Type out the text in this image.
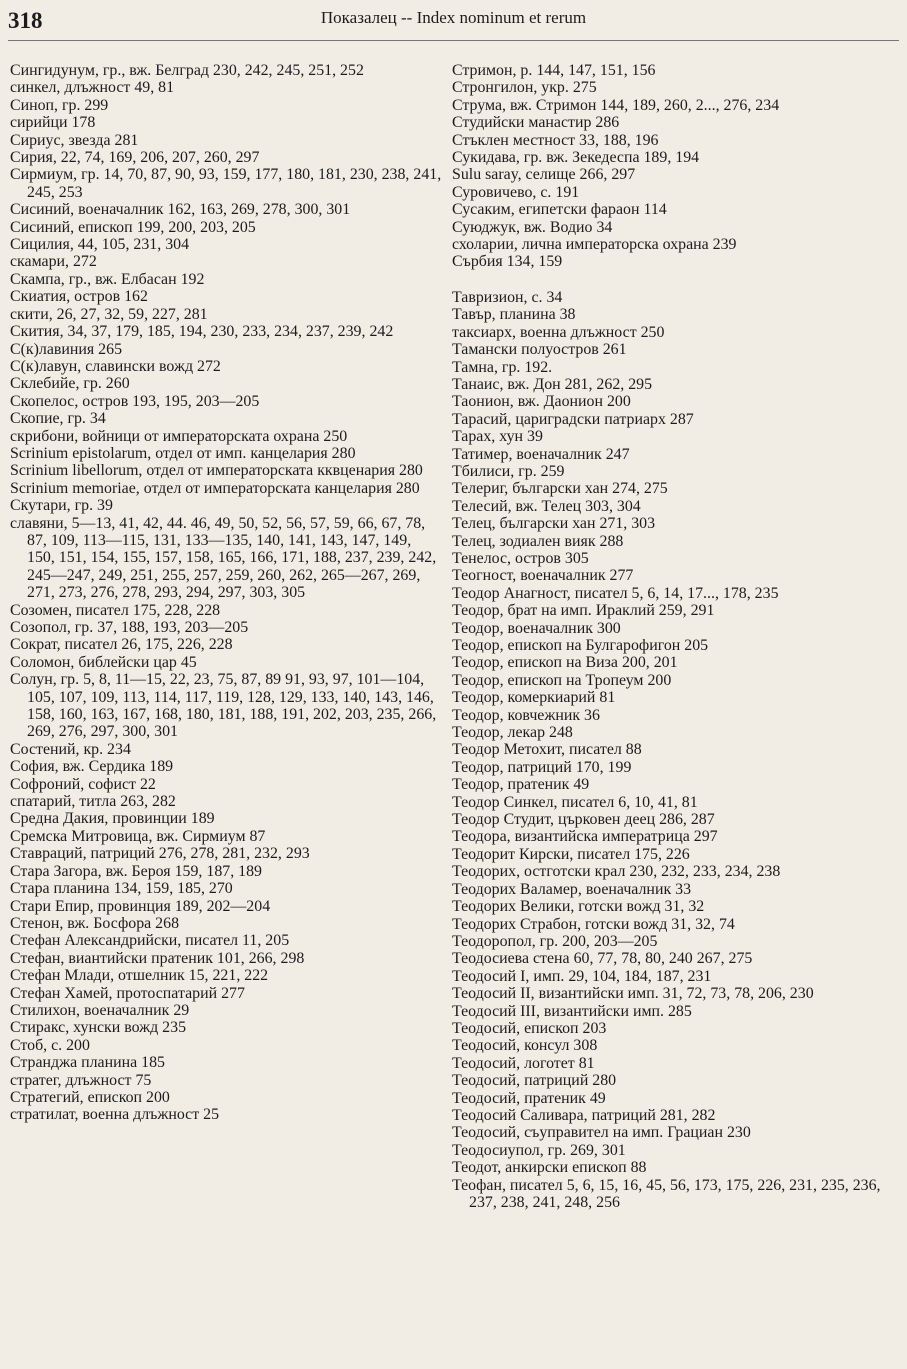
318	Показалец -- Index nominum et rerum
Сингидунум, гр., вж. Белград 230, 242, 245, 251, 252
синкел, длъжност 49, 81
Синоп, гр. 299
сирийци 178
Сириус, звезда 281
Сирия, 22, 74, 169, 206, 207, 260, 297
Сирмиум, гр. 14, 70, 87, 90, 93, 159, 177, 180, 181, 230, 238, 241, 245, 253
Сисиний, военачалник 162, 163, 269, 278, 300, 301
Сисиний, епископ 199, 200, 203, 205
Сицилия, 44, 105, 231, 304
скамари, 272
Скампа, гр., вж. Елбасан 192
Скиатия, остров 162
скити, 26, 27, 32, 59, 227, 281
Скития, 34, 37, 179, 185, 194, 230, 233, 234, 237, 239, 242
С(к)лавиния 265
С(к)лавун, славински вожд 272
Склебийе, гр. 260
Скопелос, остров 193, 195, 203—205
Скопие, гр. 34
скрибони, войници от императорската охрана 250
Scrinium epistolarum, отдел от имп. канцелария 280
Scrinium libellorum, отдел от императорската кквценария 280
Scrinium memoriae, отдел от императорската канцелария 280
Скутари, гр. 39
славяни, 5—13, 41, 42, 44. 46, 49, 50, 52, 56, 57, 59, 66, 67, 78, 87, 109, 113—115, 131, 133—135, 140, 141, 143, 147, 149, 150, 151, 154, 155, 157, 158, 165, 166, 171, 188, 237, 239, 242, 245—247, 249, 251, 255, 257, 259, 260, 262, 265—267, 269, 271, 273, 276, 278, 293, 294, 297, 303, 305
Созомен, писател 175, 228, 228
Созопол, гр. 37, 188, 193, 203—205
Сократ, писател 26, 175, 226, 228
Соломон, библейски цар 45
Солун, гр. 5, 8, 11—15, 22, 23, 75, 87, 89 91, 93, 97, 101—104, 105, 107, 109, 113, 114, 117, 119, 128, 129, 133, 140, 143, 146, 158, 160, 163, 167, 168, 180, 181, 188, 191, 202, 203, 235, 266, 269, 276, 297, 300, 301
Состений, кр. 234
София, вж. Сердика 189
Софроний, софист 22
спатарий, титла 263, 282
Средна Дакия, провинции 189
Сремска Митровица, вж. Сирмиум 87
Ставраций, патриций 276, 278, 281, 232, 293
Стара Загора, вж. Бероя 159, 187, 189
Стара планина 134, 159, 185, 270
Стари Епир, провинция 189, 202—204
Стенон, вж. Босфора 268
Стефан Александрийски, писател 11, 205
Стефан, виантийски пратеник 101, 266, 298
Стефан Млади, отшелник 15, 221, 222
Стефан Хамей, протоспатарий 277
Стилихон, военачалник 29
Стиракс, хунски вожд 235
Стоб, с. 200
Странджа планина 185
стратег, длъжност 75
Стратегий, епископ 200
стратилат, военна длъжност 25
Стримон, р. 144, 147, 151, 156
Стронгилон, укр. 275
Струма, вж. Стримон 144, 189, 260, 2..., 276, 234
Студийски манастир 286
Стъклен местност 33, 188, 196
Сукидава, гр. вж. Зекедеспа 189, 194
Sulu saray, селище 266, 297
Суровичево, с. 191
Сусаким, египетски фараон 114
Суюджук, вж. Водио 34
схоларии, лична императорска охрана 239
Сърбия 134, 159
Тавризион, с. 34
Тавър, планина 38
таксиарх, военна длъжност 250
Тамански полуостров 261
Тамна, гр. 192.
Танаис, вж. Дон 281, 262, 295
Таонион, вж. Даонион 200
Тарасий, цариградски патриарх 287
Тарах, хун 39
Татимер, военачалник 247
Тбилиси, гр. 259
Телериг, български хан 274, 275
Телесий, вж. Телец 303, 304
Телец, български хан 271, 303
Телец, зодиален вияк 288
Тенелос, остров 305
Теогност, военачалник 277
Теодор Анагност, писател 5, 6, 14, 17..., 178, 235
Теодор, брат на имп. Ираклий 259, 291
Теодор, военачалник 300
Теодор, епископ на Булгарофигон 205
Теодор, епископ на Виза 200, 201
Теодор, епископ на Тропеум 200
Теодор, комеркиарий 81
Теодор, ковчежник 36
Теодор, лекар 248
Теодор Метохит, писател 88
Теодор, патриций 170, 199
Теодор, пратеник 49
Теодор Синкел, писател 6, 10, 41, 81
Теодор Студит, църковен деец 286, 287
Теодора, византийска императрица 297
Теодорит Кирски, писател 175, 226
Теодорих, остготски крал 230, 232, 233, 234, 238
Теодорих Валамер, военачалник 33
Теодорих Велики, готски вожд 31, 32
Теодорих Страбон, готски вожд 31, 32, 74
Теодоропол, гр. 200, 203—205
Теодосиева стена 60, 77, 78, 80, 240 267, 275
Теодосий I, имп. 29, 104, 184, 187, 231
Теодосий II, византийски имп. 31, 72, 73, 78, 206, 230
Теодосий III, византийски имп. 285
Теодосий, епископ 203
Теодосий, консул 308
Теодосий, логотет 81
Теодосий, патриций 280
Теодосий, пратеник 49
Теодосий Саливара, патриций 281, 282
Теодосий, съуправител на имп. Грациан 230
Теодосиупол, гр. 269, 301
Теодот, анкирски епископ 88
Теофан, писател 5, 6, 15, 16, 45, 56, 173, 175, 226, 231, 235, 236, 237, 238, 241, 248, 256
